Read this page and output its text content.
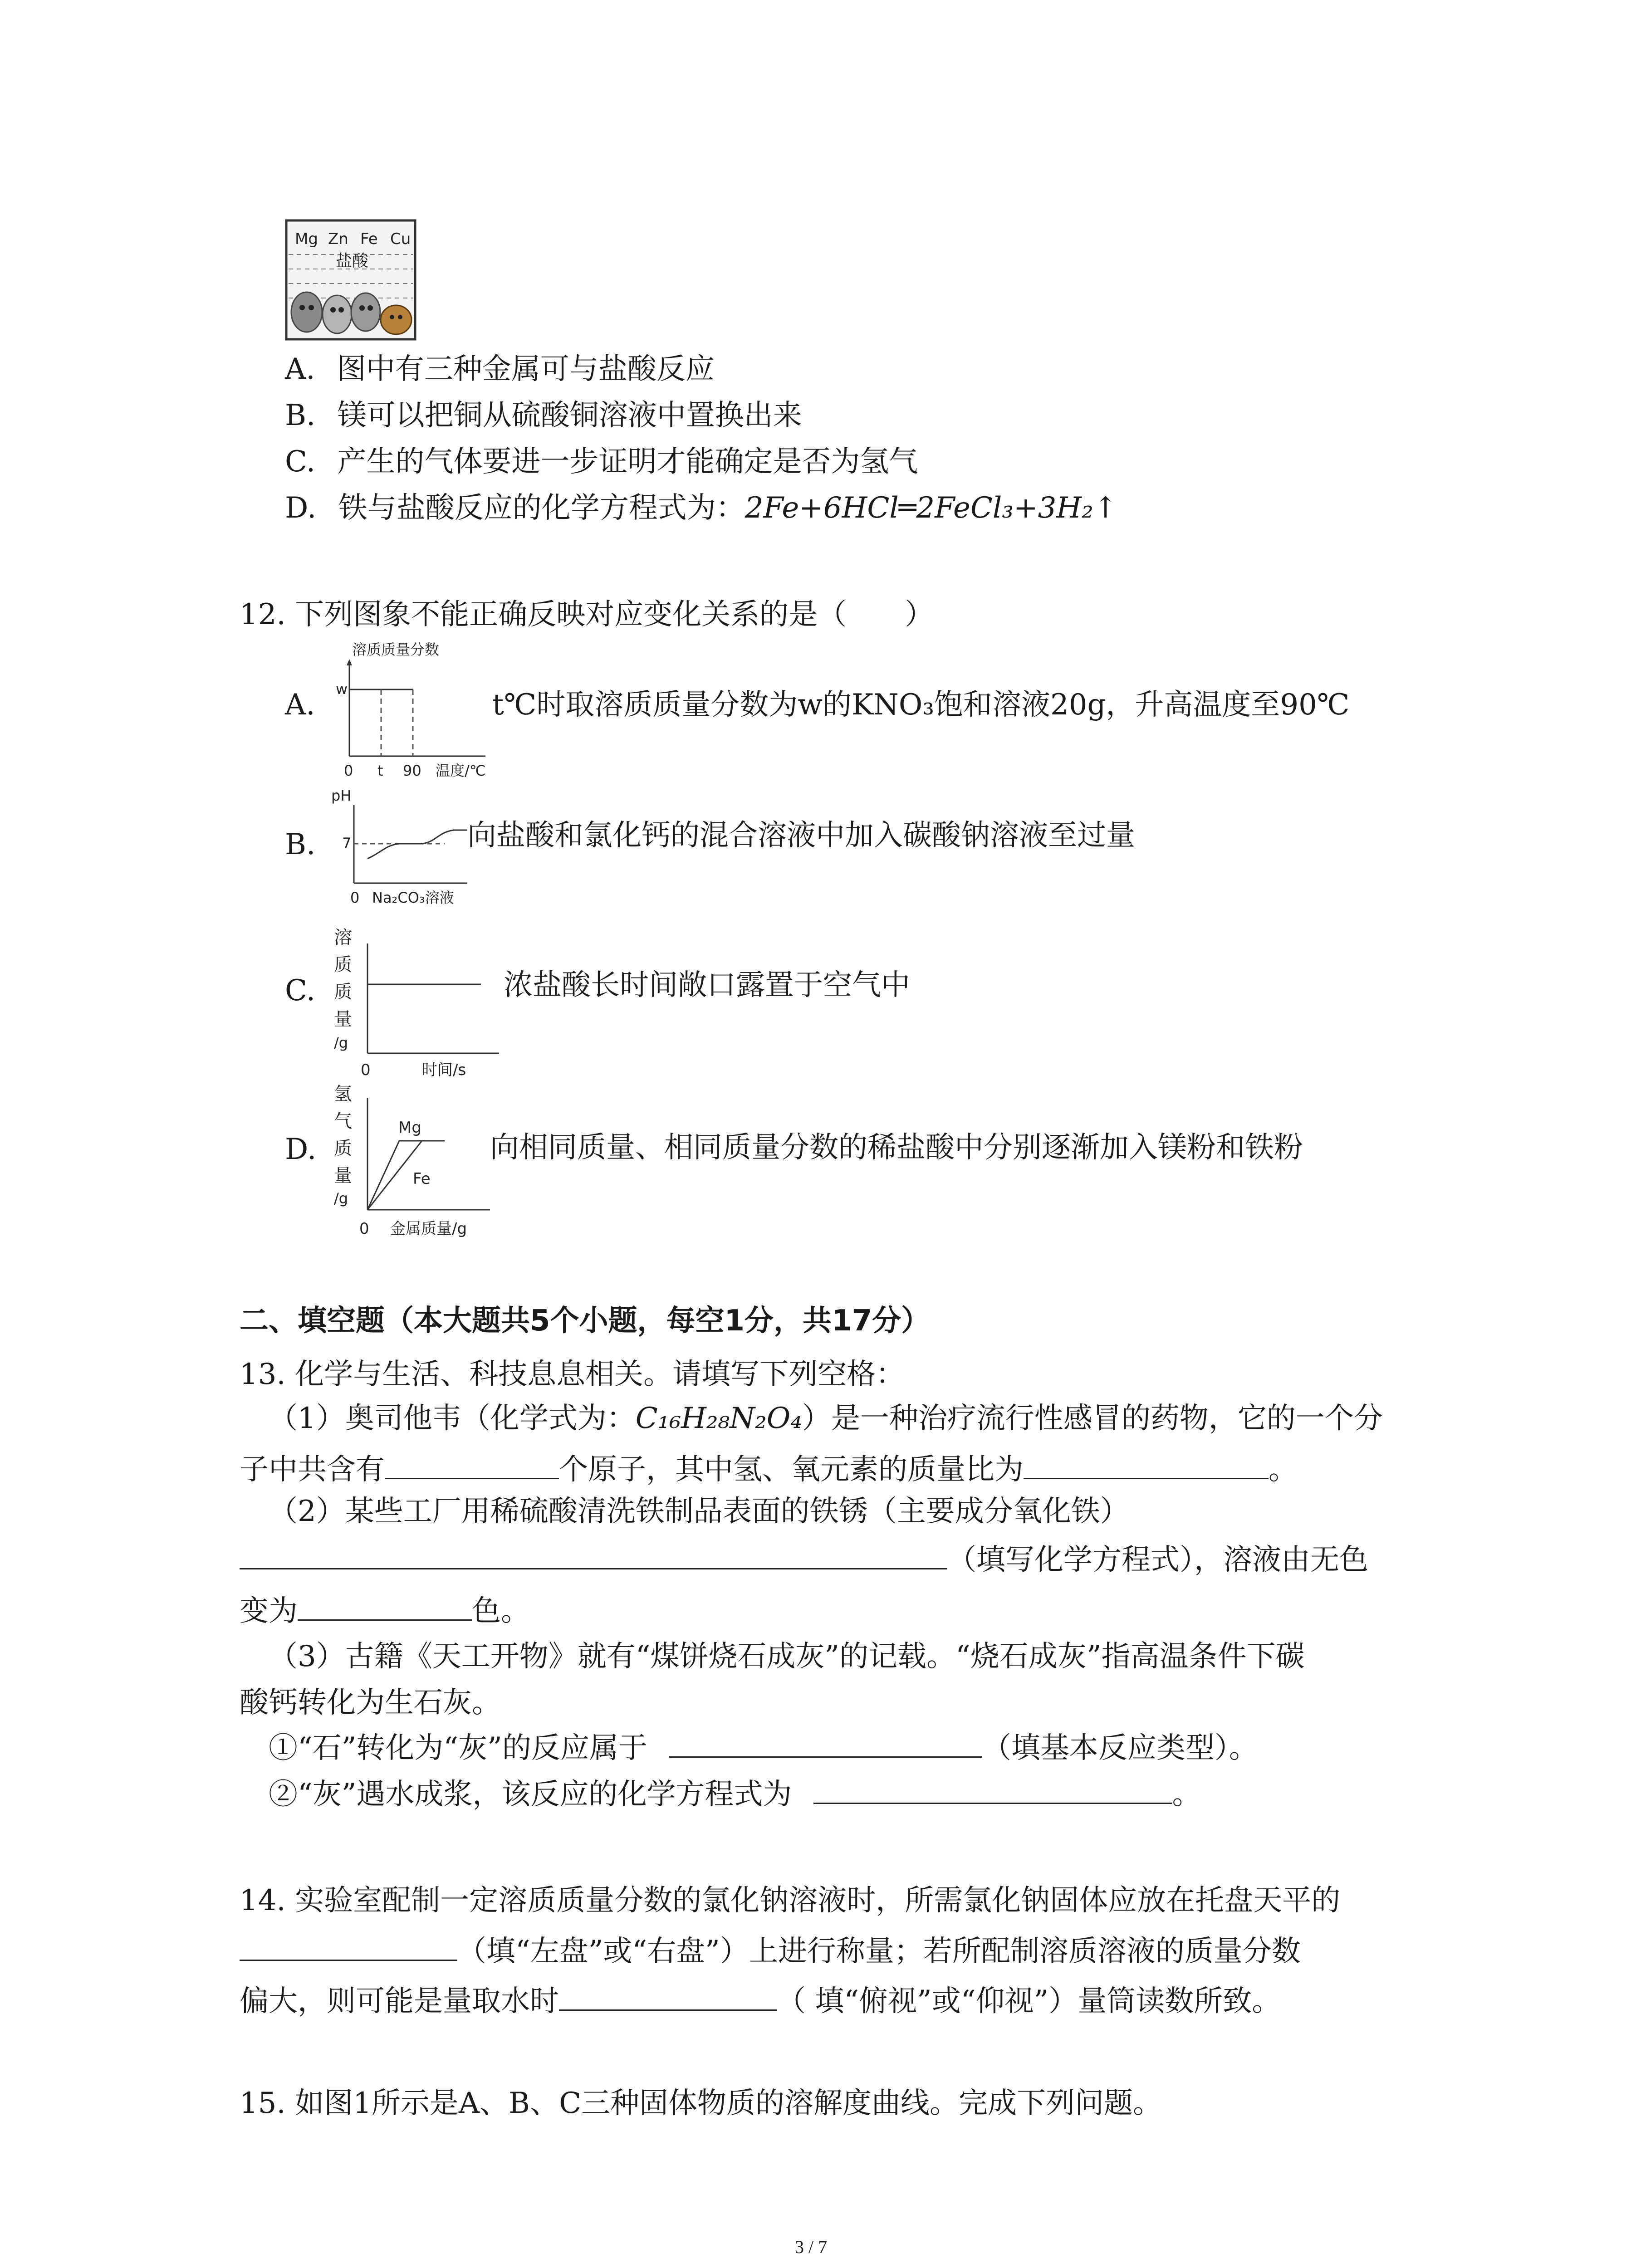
Mg Zn Fe Cu
盐酸
A. 图中有三种金属可与盐酸反应
B. 镁可以把铜从硫酸铜溶液中置换出来
C. 产生的气体要进一步证明才能确定是否为氢气
D. 铁与盐酸反应的化学方程式为：2Fe+6HCl═2FeCl₃+3H₂↑
12. 下列图象不能正确反映对应变化关系的是（　　）
A.
溶质质量分数
w
0 t 90 温度/℃
t℃时取溶质质量分数为w的KNO₃饱和溶液20g，升高温度至90℃
B.
pH
7
0 Na₂CO₃溶液
向盐酸和氯化钙的混合溶液中加入碳酸钠溶液至过量
C.
溶
质
质
量
/g
0	时间/s
浓盐酸长时间敞口露置于空气中
D.
氢
气
质
量
/g
Mg
Fe
0 金属质量/g
向相同质量、相同质量分数的稀盐酸中分别逐渐加入镁粉和铁粉
二、填空题（本大题共5个小题，每空1分，共17分）
13. 化学与生活、科技息息相关。请填写下列空格：
（1）奥司他韦（化学式为：C₁₆H₂₈N₂O₄）是一种治疗流行性感冒的药物，它的一个分
子中共含有	个原子，其中氢、氧元素的质量比为	。
（2）某些工厂用稀硫酸清洗铁制品表面的铁锈（主要成分氧化铁）
（填写化学方程式），溶液由无色
变为	色。
（3）古籍《天工开物》就有“煤饼烧石成灰”的记载。“烧石成灰”指高温条件下碳
酸钙转化为生石灰。
①“石”转化为“灰”的反应属于	（填基本反应类型）。
②“灰”遇水成浆，该反应的化学方程式为	。
14. 实验室配制一定溶质质量分数的氯化钠溶液时，所需氯化钠固体应放在托盘天平的
（填“左盘”或“右盘”）上进行称量；若所配制溶质溶液的质量分数
偏大，则可能是量取水时	（ 填“俯视”或“仰视”）量筒读数所致。
15. 如图1所示是A、B、C三种固体物质的溶解度曲线。完成下列问题。
3 / 7
